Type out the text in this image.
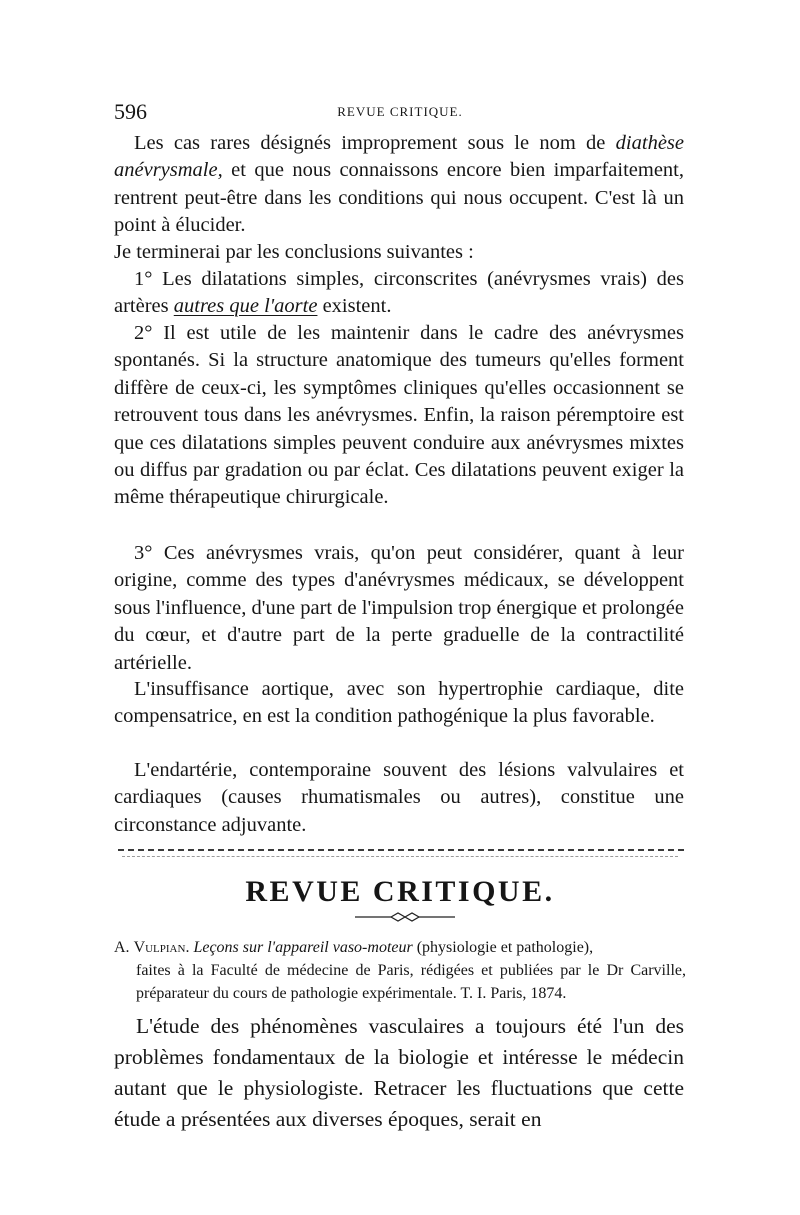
596	REVUE CRITIQUE.

Les cas rares désignés improprement sous le nom de diathèse anévrysmale, et que nous connaissons encore bien imparfaitement, rentrent peut-être dans les conditions qui nous occupent. C'est là un point à élucider.

Je terminerai par les conclusions suivantes :

1° Les dilatations simples, circonscrites (anévrysmes vrais) des artères autres que l'aorte existent.

2° Il est utile de les maintenir dans le cadre des anévrysmes spontanés. Si la structure anatomique des tumeurs qu'elles forment diffère de ceux-ci, les symptômes cliniques qu'elles occasionnent se retrouvent tous dans les anévrysmes. Enfin, la raison péremptoire est que ces dilatations simples peuvent conduire aux anévrysmes mixtes ou diffus par gradation ou par éclat. Ces dilatations peuvent exiger la même thérapeutique chirurgicale.

3° Ces anévrysmes vrais, qu'on peut considérer, quant à leur origine, comme des types d'anévrysmes médicaux, se développent sous l'influence, d'une part de l'impulsion trop énergique et prolongée du cœur, et d'autre part de la perte graduelle de la contractilité artérielle.

L'insuffisance aortique, avec son hypertrophie cardiaque, dite compensatrice, en est la condition pathogénique la plus favorable.

L'endartérie, contemporaine souvent des lésions valvulaires et cardiaques (causes rhumatismales ou autres), constitue une circonstance adjuvante.

REVUE CRITIQUE.

A. Vulpian. Leçons sur l'appareil vaso-moteur (physiologie et pathologie),
faites à la Faculté de médecine de Paris, rédigées et publiées par le Dr Carville, préparateur du cours de pathologie expérimentale. T. I. Paris, 1874.

L'étude des phénomènes vasculaires a toujours été l'un des problèmes fondamentaux de la biologie et intéresse le médecin autant que le physiologiste. Retracer les fluctuations que cette étude a présentées aux diverses époques, serait en
